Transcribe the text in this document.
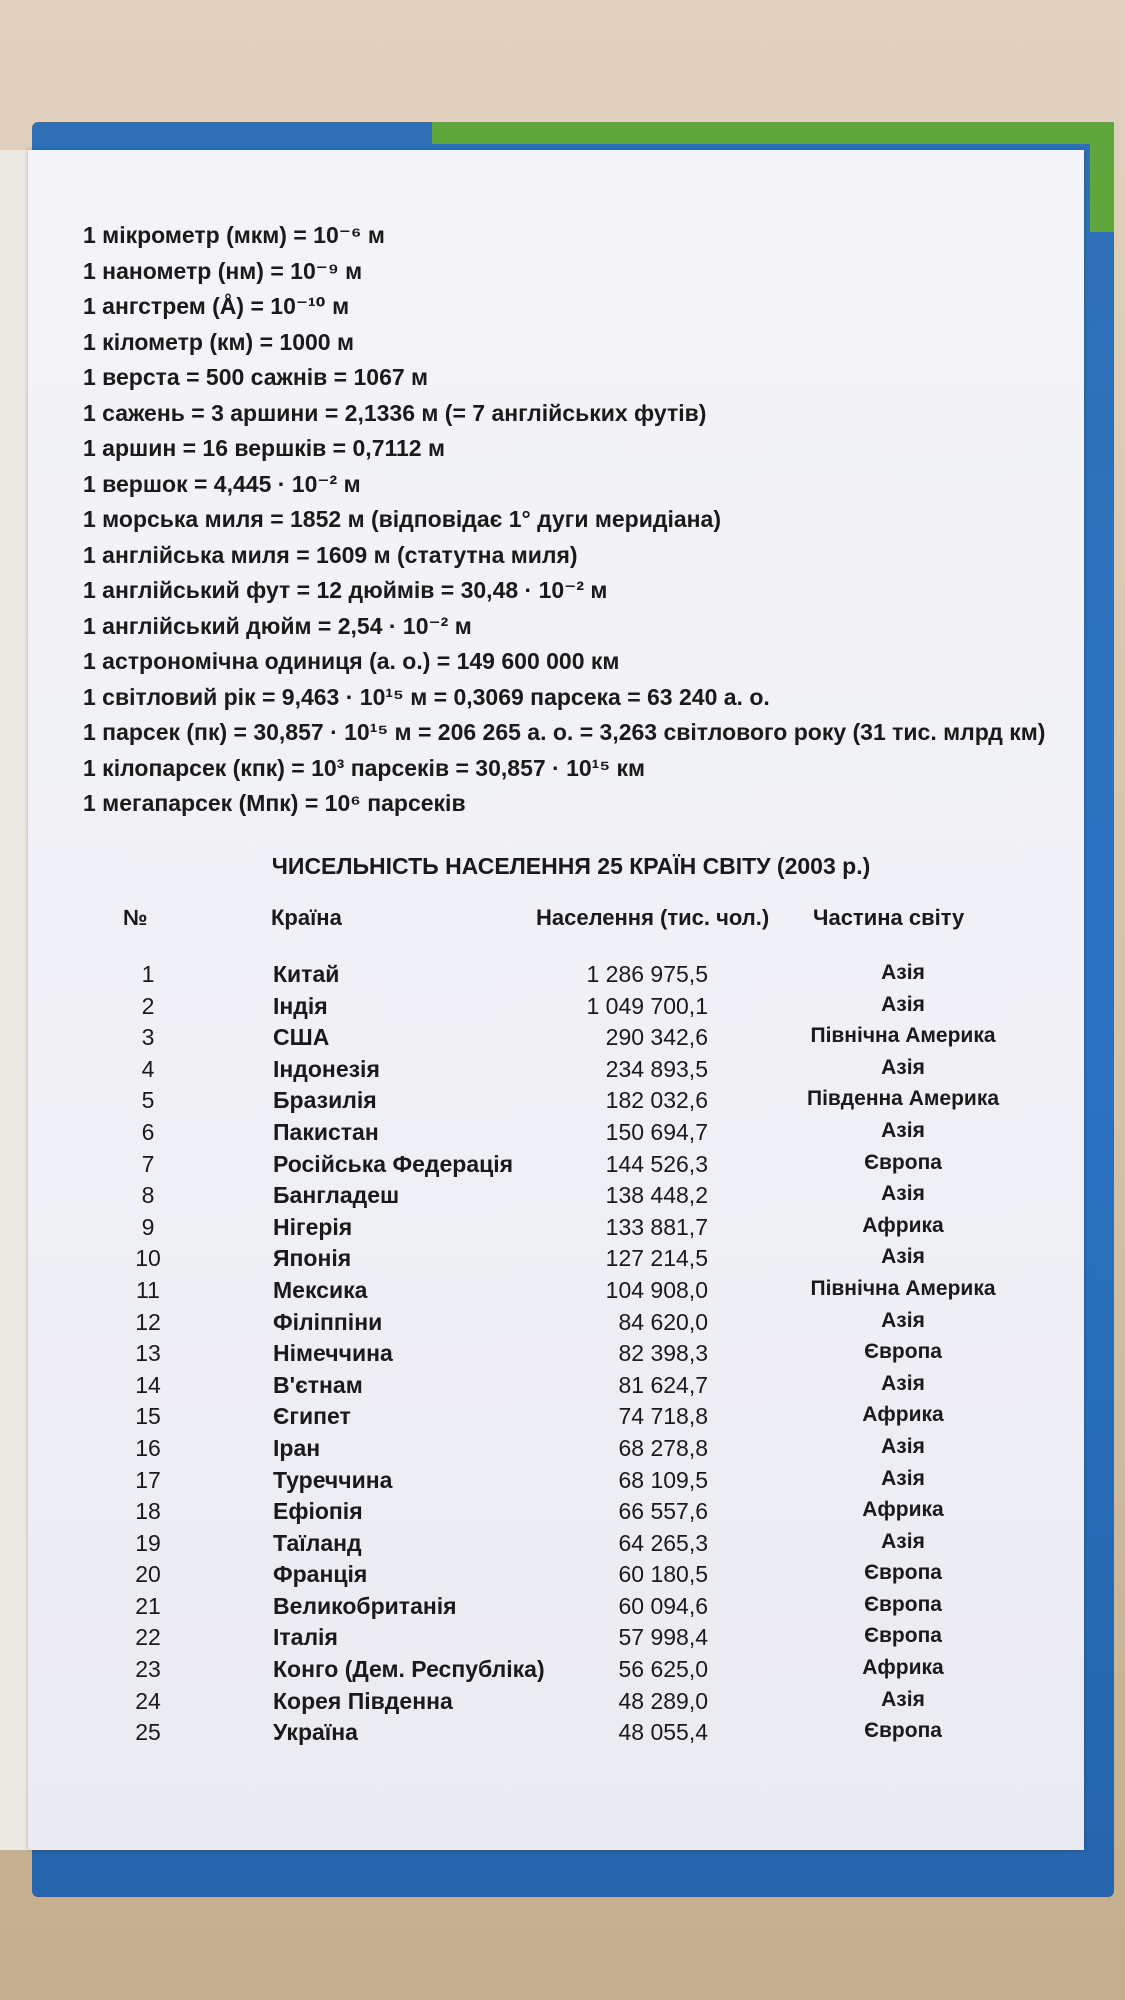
1 мікрометр (мкм) = 10⁻⁶ м
1 нанометр (нм) = 10⁻⁹ м
1 ангстрем (Å) = 10⁻¹⁰ м
1 кілометр (км) = 1000 м
1 верста = 500 сажнів = 1067 м
1 сажень = 3 аршини = 2,1336 м (= 7 англійських футів)
1 аршин = 16 вершків = 0,7112 м
1 вершок = 4,445 · 10⁻² м
1 морська миля = 1852 м (відповідає 1° дуги меридіана)
1 англійська миля = 1609 м (статутна миля)
1 англійський фут = 12 дюймів = 30,48 · 10⁻² м
1 англійський дюйм = 2,54 · 10⁻² м
1 астрономічна одиниця (а. о.) = 149 600 000 км
1 світловий рік = 9,463 · 10¹⁵ м = 0,3069 парсека = 63 240 а. о.
1 парсек (пк) = 30,857 · 10¹⁵ м = 206 265 а. о. = 3,263 світлового року (31 тис. млрд км)
1 кілопарсек (кпк) = 10³ парсеків = 30,857 · 10¹⁵ км
1 мегапарсек (Мпк) = 10⁶ парсеків
ЧИСЕЛЬНІСТЬ НАСЕЛЕННЯ 25 КРАЇН СВІТУ (2003 р.)
№	Країна	Населення (тис. чол.) Частина світу
1	Китай	1 286 975,5	Азія
2	Індія	1 049 700,1	Азія
3	США	290 342,6	Північна Америка
4	Індонезія	234 893,5	Азія
5	Бразилія	182 032,6	Південна Америка
6	Пакистан	150 694,7	Азія
7	Російська Федерація	144 526,3	Європа
8	Бангладеш	138 448,2	Азія
9	Нігерія	133 881,7	Африка
10	Японія	127 214,5	Азія
11	Мексика	104 908,0	Північна Америка
12	Філіппіни	84 620,0	Азія
13	Німеччина	82 398,3	Європа
14	В'єтнам	81 624,7	Азія
15	Єгипет	74 718,8	Африка
16	Іран	68 278,8	Азія
17	Туреччина	68 109,5	Азія
18	Ефіопія	66 557,6	Африка
19	Таїланд	64 265,3	Азія
20	Франція	60 180,5	Європа
21	Великобританія	60 094,6	Європа
22	Італія	57 998,4	Європа
23	Конго (Дем. Республіка)	56 625,0	Африка
24	Корея Південна	48 289,0	Азія
25	Україна	48 055,4	Європа
